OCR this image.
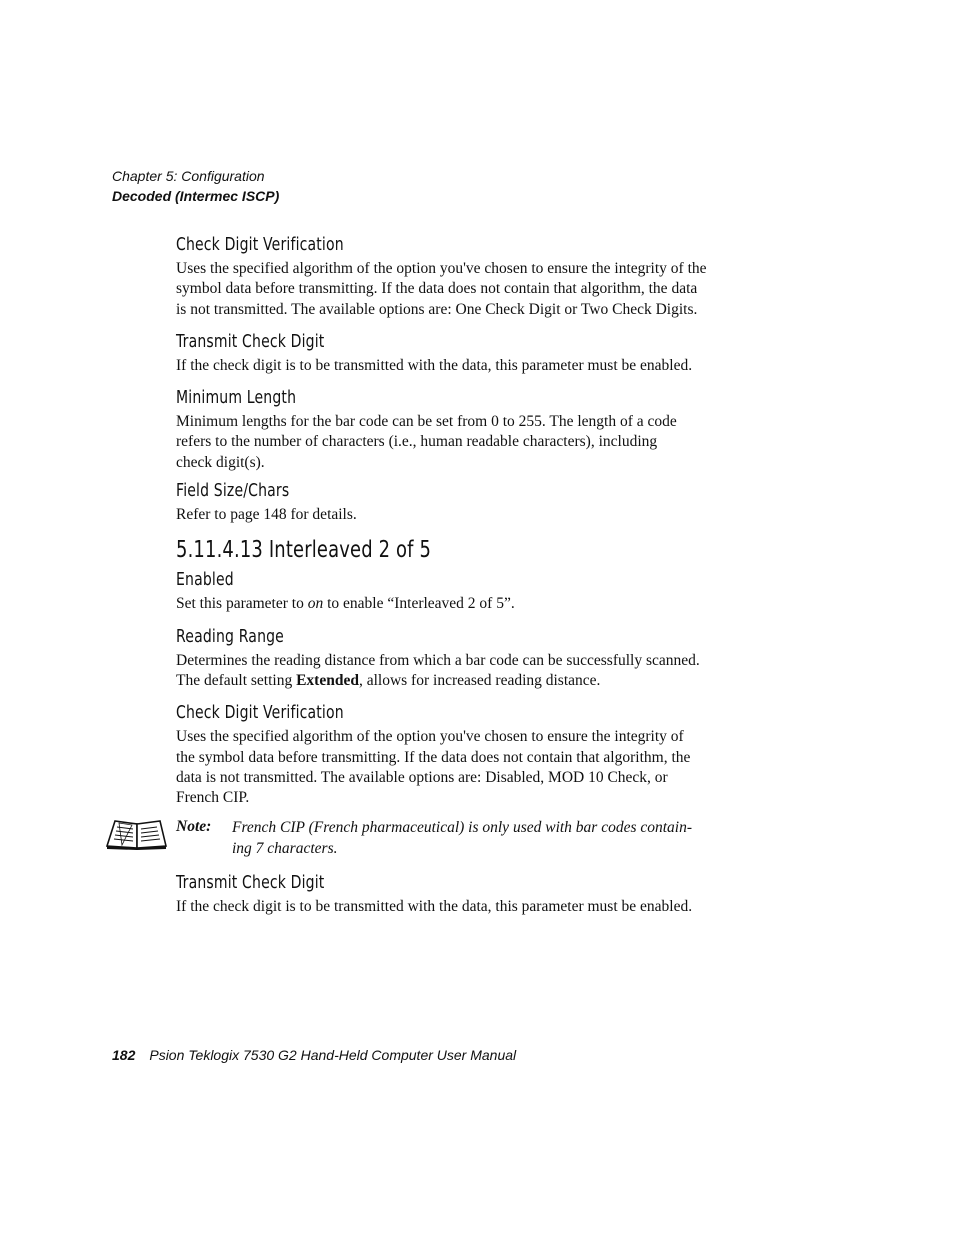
Chapter 5: Configuration
Decoded (Intermec ISCP)
Check Digit Verification
Uses the specified algorithm of the option you've chosen to ensure the integrity of the
symbol data before transmitting. If the data does not contain that algorithm, the data
is not transmitted. The available options are: One Check Digit or Two Check Digits.
Transmit Check Digit
If the check digit is to be transmitted with the data, this parameter must be enabled.
Minimum Length
Minimum lengths for the bar code can be set from 0 to 255. The length of a code
refers to the number of characters (i.e., human readable characters), including
check digit(s).
Field Size/Chars
Refer to page 148 for details.
5.11.4.13 Interleaved 2 of 5
Enabled
Set this parameter to on to enable “Interleaved 2 of 5”.
Reading Range
Determines the reading distance from which a bar code can be successfully scanned.
The default setting Extended, allows for increased reading distance.
Check Digit Verification
Uses the specified algorithm of the option you've chosen to ensure the integrity of
the symbol data before transmitting. If the data does not contain that algorithm, the
data is not transmitted. The available options are: Disabled, MOD 10 Check, or
French CIP.
Note: French CIP (French pharmaceutical) is only used with bar codes contain-
ing 7 characters.
Transmit Check Digit
If the check digit is to be transmitted with the data, this parameter must be enabled.
182 Psion Teklogix 7530 G2 Hand-Held Computer User Manual
